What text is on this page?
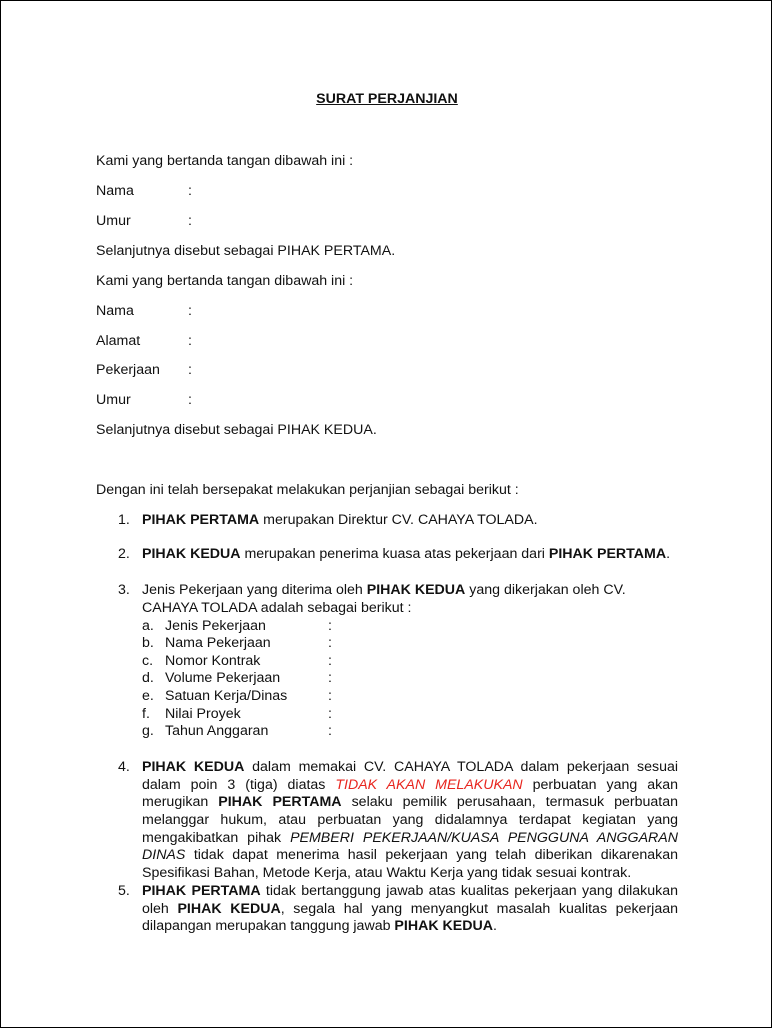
SURAT PERJANJIAN
Kami yang bertanda tangan dibawah ini :
Nama	:
Umur	:
Selanjutnya disebut sebagai PIHAK PERTAMA.
Kami yang bertanda tangan dibawah ini :
Nama	:
Alamat	:
Pekerjaan :
Umur	:
Selanjutnya disebut sebagai PIHAK KEDUA.
Dengan ini telah bersepakat melakukan perjanjian sebagai berikut :
1. PIHAK PERTAMA merupakan Direktur CV. CAHAYA TOLADA.
2. PIHAK KEDUA merupakan penerima kuasa atas pekerjaan dari PIHAK PERTAMA.
3. Jenis Pekerjaan yang diterima oleh PIHAK KEDUA yang dikerjakan oleh CV.
CAHAYA TOLADA adalah sebagai berikut :
a. Jenis Pekerjaan	:
b. Nama Pekerjaan	:
c. Nomor Kontrak	:
d. Volume Pekerjaan	:
e. Satuan Kerja/Dinas	:
f. Nilai Proyek	:
g. Tahun Anggaran	:
4. PIHAK KEDUA dalam memakai CV. CAHAYA TOLADA dalam pekerjaan sesuai
dalam poin 3 (tiga) diatas TIDAK AKAN MELAKUKAN perbuatan yang akan
merugikan PIHAK PERTAMA selaku pemilik perusahaan, termasuk perbuatan
melanggar hukum, atau perbuatan yang didalamnya terdapat kegiatan yang
mengakibatkan pihak PEMBERI PEKERJAAN/KUASA PENGGUNA ANGGARAN
DINAS tidak dapat menerima hasil pekerjaan yang telah diberikan dikarenakan
Spesifikasi Bahan, Metode Kerja, atau Waktu Kerja yang tidak sesuai kontrak.
5. PIHAK PERTAMA tidak bertanggung jawab atas kualitas pekerjaan yang dilakukan
oleh PIHAK KEDUA, segala hal yang menyangkut masalah kualitas pekerjaan
dilapangan merupakan tanggung jawab PIHAK KEDUA.
